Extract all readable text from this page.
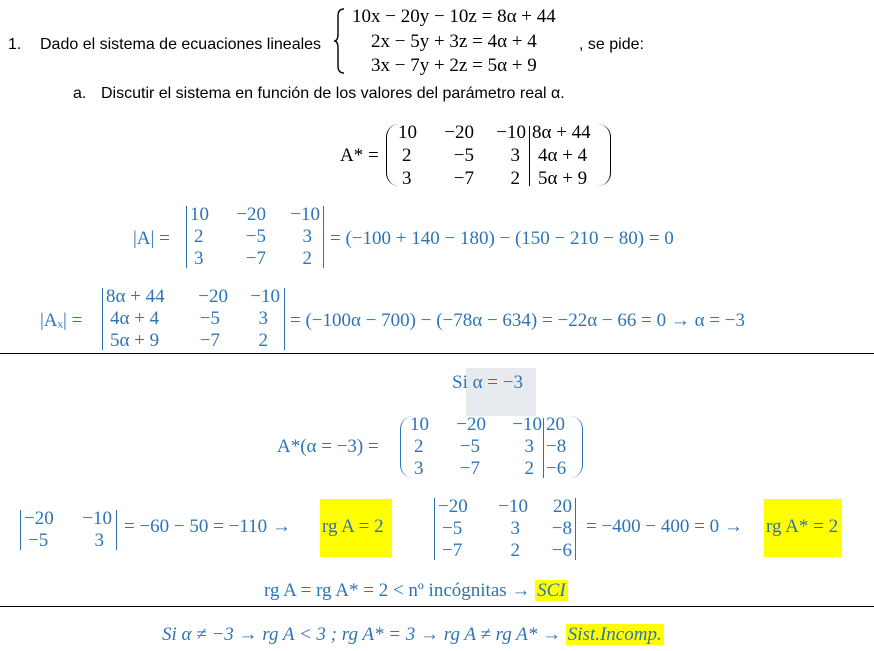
1. Dado el sistema de ecuaciones lineales
10x − 20y − 10z = 8α + 44
2x − 5y + 3z = 4α + 4
3x − 7y + 2z = 5α + 9
, se pide:
a. Discutir el sistema en función de los valores del parámetro real α.
A* =
10	−20	−10 8α + 44
2	−5	3 4α + 4
3	−7	2 5α + 9
|A| =
10	−20	−10
2	−5	3
3	−7	2
= (−100 + 140 − 180) − (150 − 210 − 80) = 0
|Aₓ| =
8α + 44	−20	−10
4α + 4	−5	3
5α + 9	−7	2
= (−100α − 700) − (−78α − 634) = −22α − 66 = 0 → α = −3
Si α = −3
A*(α = −3) =
10	−20	−10 20
2	−5	3 −8
3	−7	2 −6
−20	−10
−5	3
= −60 − 50 = −110 → rg A = 2
−20	−10	20
−5	3	−8
−7	2	−6
= −400 − 400 = 0 → rg A* = 2
rg A = rg A* = 2 < nº incógnitas → SCI
Si α ≠ −3 → rg A < 3 ; rg A* = 3 → rg A ≠ rg A* → Sist.Incomp.
